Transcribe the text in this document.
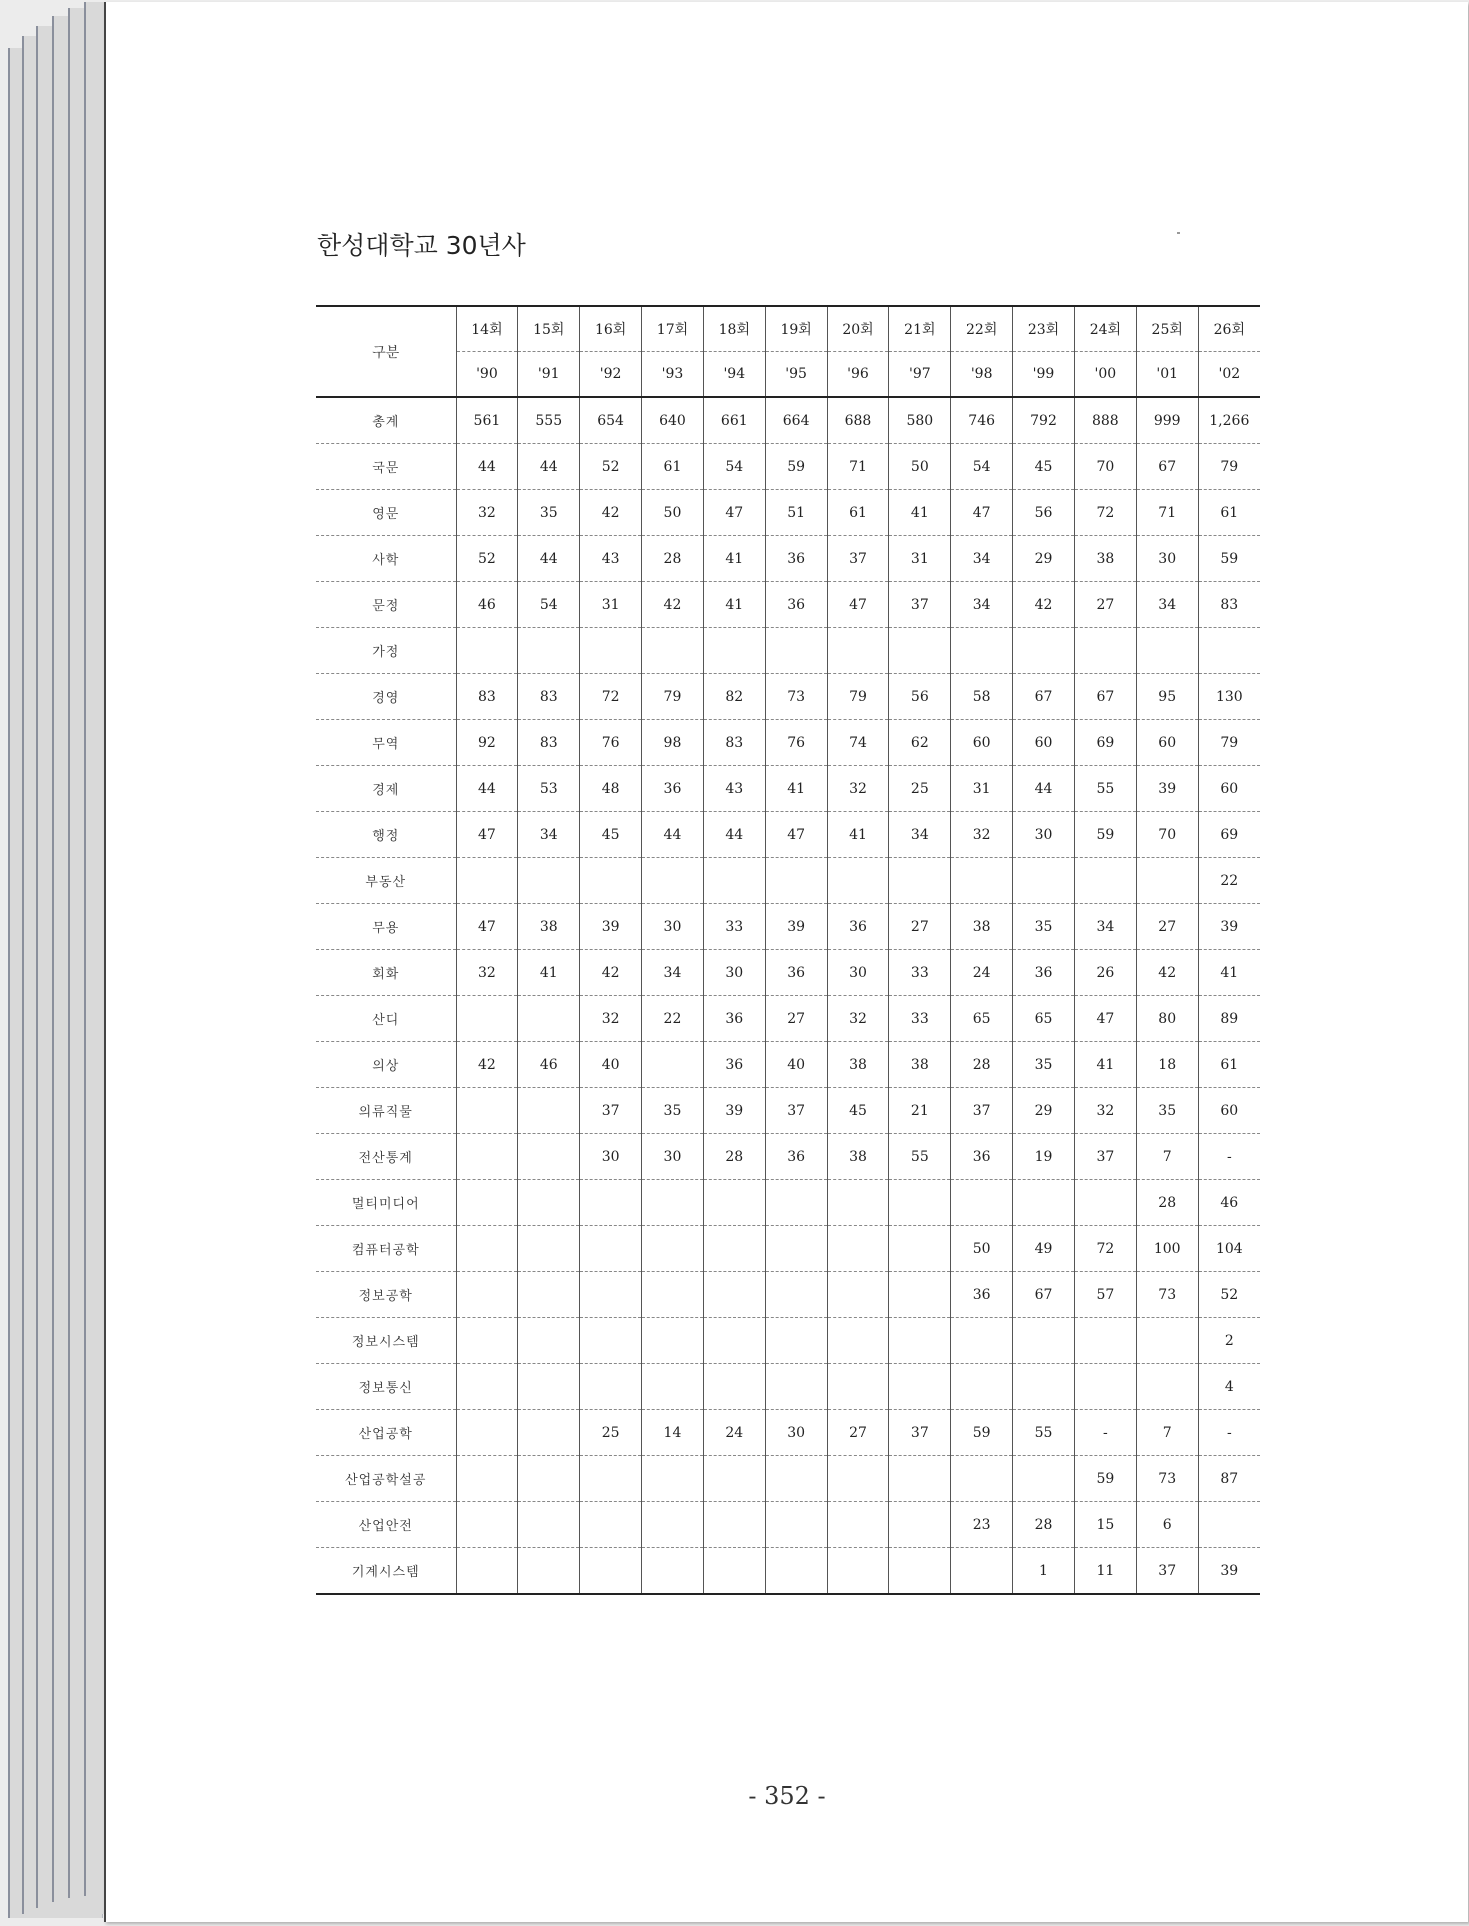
한성대학교 30년사
구분	14회	15회	16회	17회	18회	19회	20회	21회	22회	23회	24회	25회	26회
	'90	'91	'92	'93	'94	'95	'96	'97	'98	'99	'00	'01	'02
총계	561	555	654	640	661	664	688	580	746	792	888	999	1,266
국문	44	44	52	61	54	59	71	50	54	45	70	67	79
영문	32	35	42	50	47	51	61	41	47	56	72	71	61
사학	52	44	43	28	41	36	37	31	34	29	38	30	59
문정	46	54	31	42	41	36	47	37	34	42	27	34	83
가정													
경영	83	83	72	79	82	73	79	56	58	67	67	95	130
무역	92	83	76	98	83	76	74	62	60	60	69	60	79
경제	44	53	48	36	43	41	32	25	31	44	55	39	60
행정	47	34	45	44	44	47	41	34	32	30	59	70	69
부동산													22
무용	47	38	39	30	33	39	36	27	38	35	34	27	39
회화	32	41	42	34	30	36	30	33	24	36	26	42	41
산디			32	22	36	27	32	33	65	65	47	80	89
의상	42	46	40		36	40	38	38	28	35	41	18	61
의류직물			37	35	39	37	45	21	37	29	32	35	60
전산통계			30	30	28	36	38	55	36	19	37	7	-
멀티미디어												28	46
컴퓨터공학									50	49	72	100	104
정보공학									36	67	57	73	52
정보시스템													2
정보통신													4
산업공학			25	14	24	30	27	37	59	55	-	7	-
산업공학설공											59	73	87
산업안전									23	28	15	6	
기계시스템										1	11	37	39
- 352 -
